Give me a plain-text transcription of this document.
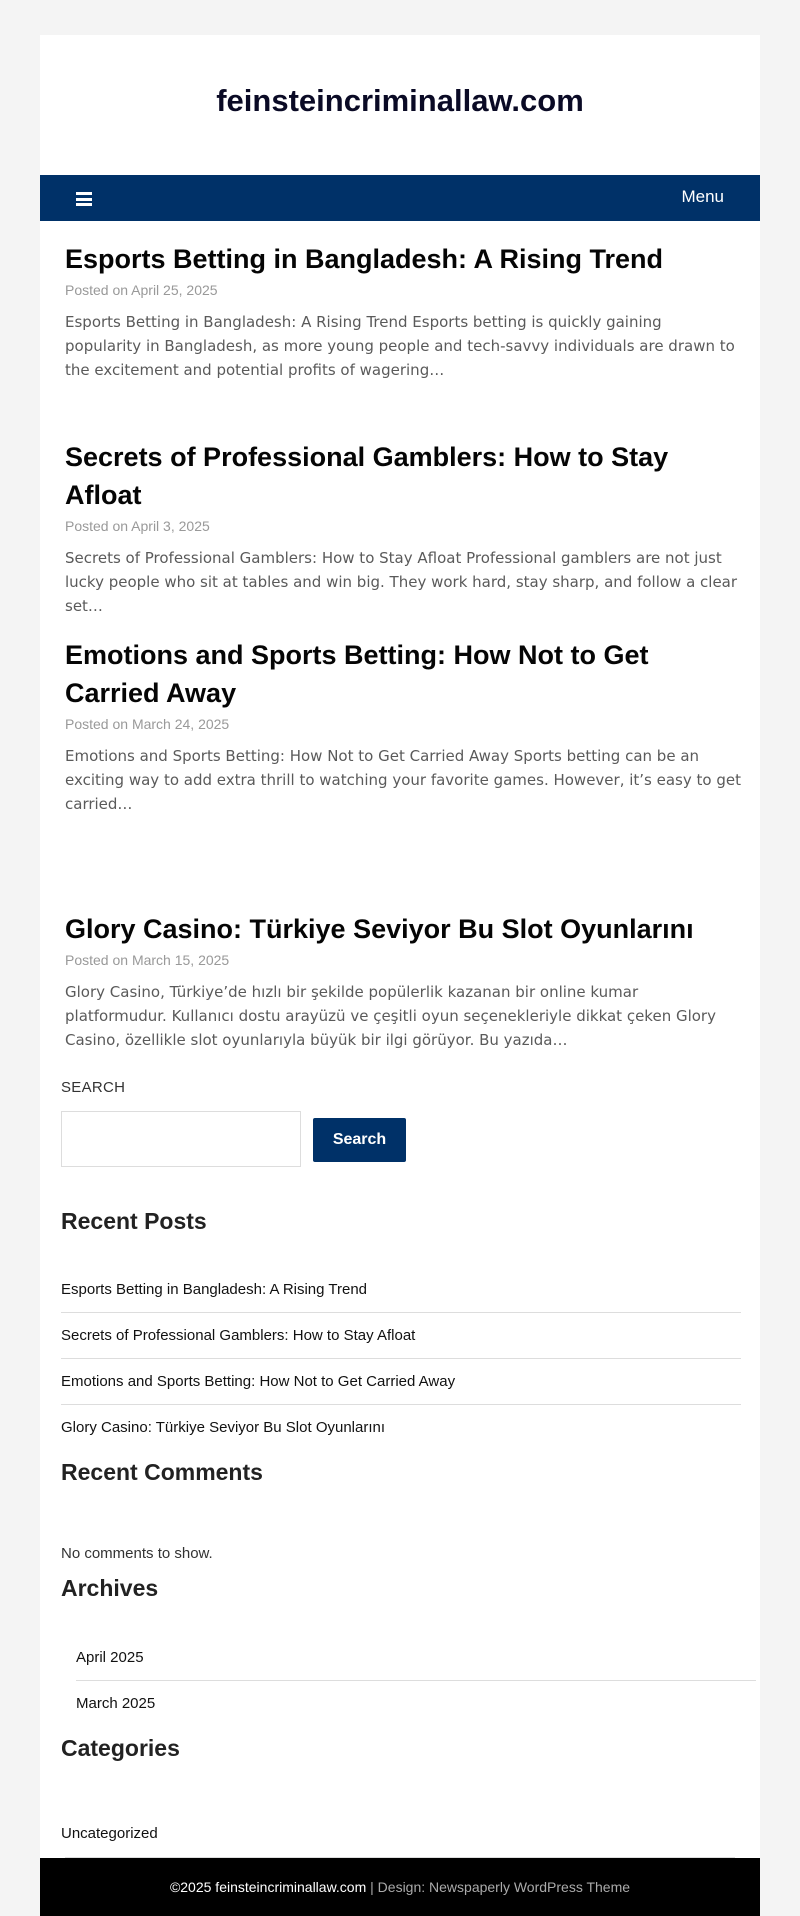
feinsteincriminallaw.com
Menu
Esports Betting in Bangladesh: A Rising Trend
Posted on April 25, 2025
Esports Betting in Bangladesh: A Rising Trend Esports betting is quickly gaining popularity in Bangladesh, as more young people and tech-savvy individuals are drawn to the excitement and potential profits of wagering…
Secrets of Professional Gamblers: How to Stay Afloat
Posted on April 3, 2025
Secrets of Professional Gamblers: How to Stay Afloat Professional gamblers are not just lucky people who sit at tables and win big. They work hard, stay sharp, and follow a clear set…
Emotions and Sports Betting: How Not to Get Carried Away
Posted on March 24, 2025
Emotions and Sports Betting: How Not to Get Carried Away Sports betting can be an exciting way to add extra thrill to watching your favorite games. However, it’s easy to get carried…
Glory Casino: Türkiye Seviyor Bu Slot Oyunlarını
Posted on March 15, 2025
Glory Casino, Türkiye’de hızlı bir şekilde popülerlik kazanan bir online kumar platformudur. Kullanıcı dostu arayüzü ve çeşitli oyun seçenekleriyle dikkat çeken Glory Casino, özellikle slot oyunlarıyla büyük bir ilgi görüyor. Bu yazıda…
SEARCH
Search
Recent Posts
Esports Betting in Bangladesh: A Rising Trend
Secrets of Professional Gamblers: How to Stay Afloat
Emotions and Sports Betting: How Not to Get Carried Away
Glory Casino: Türkiye Seviyor Bu Slot Oyunlarını
Recent Comments
No comments to show.
Archives
April 2025
March 2025
Categories
Uncategorized
©2025 feinsteincriminallaw.com | Design: Newspaperly WordPress Theme
